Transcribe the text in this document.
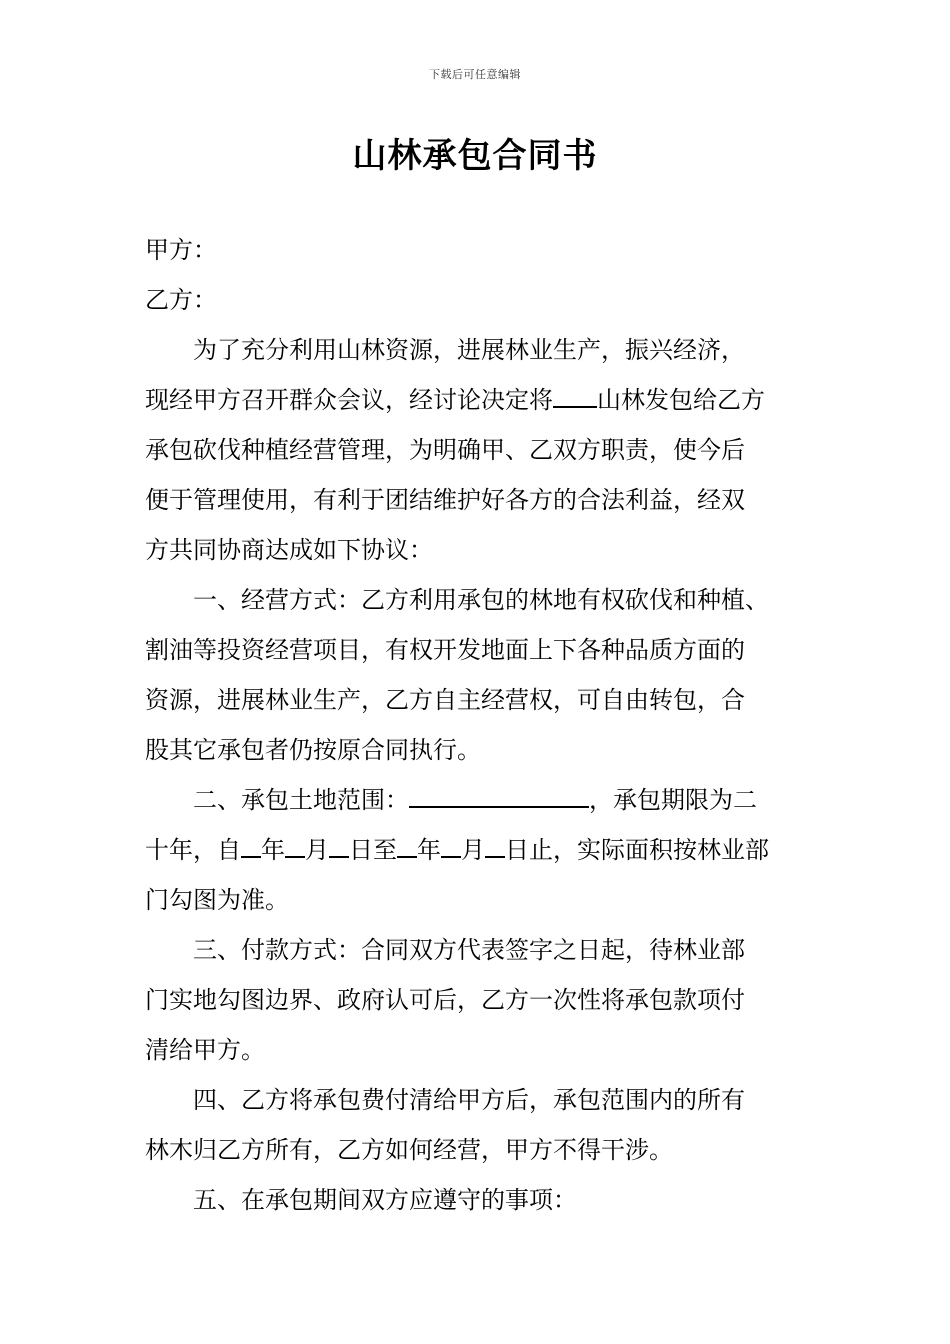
下载后可任意编辑
山林承包合同书
甲方：
乙方：
为了充分利用山林资源，进展林业生产，振兴经济，
现经甲方召开群众会议，经讨论决定将 山林发包给乙方
承包砍伐种植经营管理，为明确甲、乙双方职责，使今后
便于管理使用，有利于团结维护好各方的合法利益，经双
方共同协商达成如下协议：
一、经营方式：乙方利用承包的林地有权砍伐和种植、
割油等投资经营项目，有权开发地面上下各种品质方面的
资源，进展林业生产，乙方自主经营权，可自由转包，合
股其它承包者仍按原合同执行。
二、承包土地范围：	，承包期限为二
十年，自 年 月 日至 年 月 日止，实际面积按林业部
门勾图为准。
三、付款方式：合同双方代表签字之日起，待林业部
门实地勾图边界、政府认可后，乙方一次性将承包款项付
清给甲方。
四、乙方将承包费付清给甲方后，承包范围内的所有
林木归乙方所有，乙方如何经营，甲方不得干涉。
五、在承包期间双方应遵守的事项：
